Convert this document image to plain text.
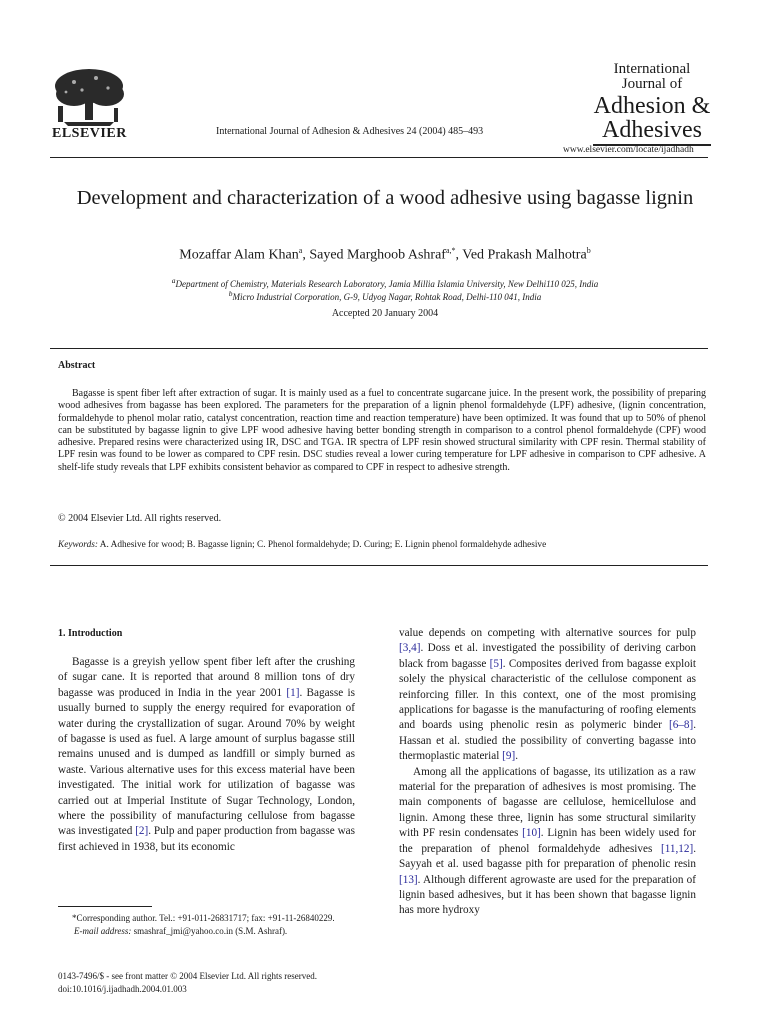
ELSEVIER	International Journal of Adhesion & Adhesives 24 (2004) 485–493
International Journal of
Adhesion &
Adhesives
www.elsevier.com/locate/ijadhadh
Development and characterization of a wood adhesive using bagasse lignin
Mozaffar Alam Khan$^a$, Sayed Marghoob Ashraf$^{a,*}$, Ved Prakash Malhotra$^b$
$^a$Department of Chemistry, Materials Research Laboratory, Jamia Millia Islamia University, New Delhi110 025, India
$^b$Micro Industrial Corporation, G-9, Udyog Nagar, Rohtak Road, Delhi-110 041, India
Accepted 20 January 2004
Abstract
Bagasse is spent fiber left after extraction of sugar. It is mainly used as a fuel to concentrate sugarcane juice. In the present work, the possibility of preparing wood adhesives from bagasse has been explored. The parameters for the preparation of a lignin phenol formaldehyde (LPF) adhesive, (lignin concentration, formaldehyde to phenol molar ratio, catalyst concentration, reaction time and reaction temperature) have been optimized. It was found that up to 50% of phenol can be substituted by bagasse lignin to give LPF wood adhesive having better bonding strength in comparison to a control phenol formaldehyde (CPF) wood adhesive. Prepared resins were characterized using IR, DSC and TGA. IR spectra of LPF resin showed structural similarity with CPF resin. Thermal stability of LPF resin was found to be lower as compared to CPF resin. DSC studies reveal a lower curing temperature for LPF adhesive in comparison to CPF adhesive. A shelf-life study reveals that LPF exhibits consistent behavior as compared to CPF in respect to adhesive strength.
© 2004 Elsevier Ltd. All rights reserved.
Keywords: A. Adhesive for wood; B. Bagasse lignin; C. Phenol formaldehyde; D. Curing; E. Lignin phenol formaldehyde adhesive
1. Introduction
Bagasse is a greyish yellow spent fiber left after the crushing of sugar cane. It is reported that around 8 million tons of dry bagasse was produced in India in the year 2001 [1]. Bagasse is usually burned to supply the energy required for evaporation of water during the crystallization of sugar. Around 70% by weight of bagasse is used as fuel. A large amount of surplus bagasse still remains unused and is dumped as landfill or simply burned as waste. Various alternative uses for this excess material have been investigated. The initial work for utilization of bagasse was carried out at Imperial Institute of Sugar Technology, London, where the possibility of manufacturing cellulose from bagasse was investigated [2]. Pulp and paper production from bagasse was first achieved in 1938, but its economic
value depends on competing with alternative sources for pulp [3,4]. Doss et al. investigated the possibility of deriving carbon black from bagasse [5]. Composites derived from bagasse exploit solely the physical characteristic of the cellulose component as reinforcing filler. In this context, one of the most promising applications for bagasse is the manufacturing of roofing elements and boards using phenolic resin as polymeric binder [6–8]. Hassan et al. studied the possibility of converting bagasse into thermoplastic material [9].
Among all the applications of bagasse, its utilization as a raw material for the preparation of adhesives is most promising. The main components of bagasse are cellulose, hemicellulose and lignin. Among these three, lignin has some structural similarity with PF resin condensates [10]. Lignin has been widely used for the preparation of phenol formaldehyde adhesives [11,12]. Sayyah et al. used bagasse pith for preparation of phenolic resin [13]. Although different agrowaste are used for the preparation of lignin based adhesives, but it has been shown that bagasse lignin has more hydroxy
*Corresponding author. Tel.: +91-011-26831717; fax: +91-11-26840229.
E-mail address: smashraf_jmi@yahoo.co.in (S.M. Ashraf).
0143-7496/$ - see front matter © 2004 Elsevier Ltd. All rights reserved.
doi:10.1016/j.ijadhadh.2004.01.003
